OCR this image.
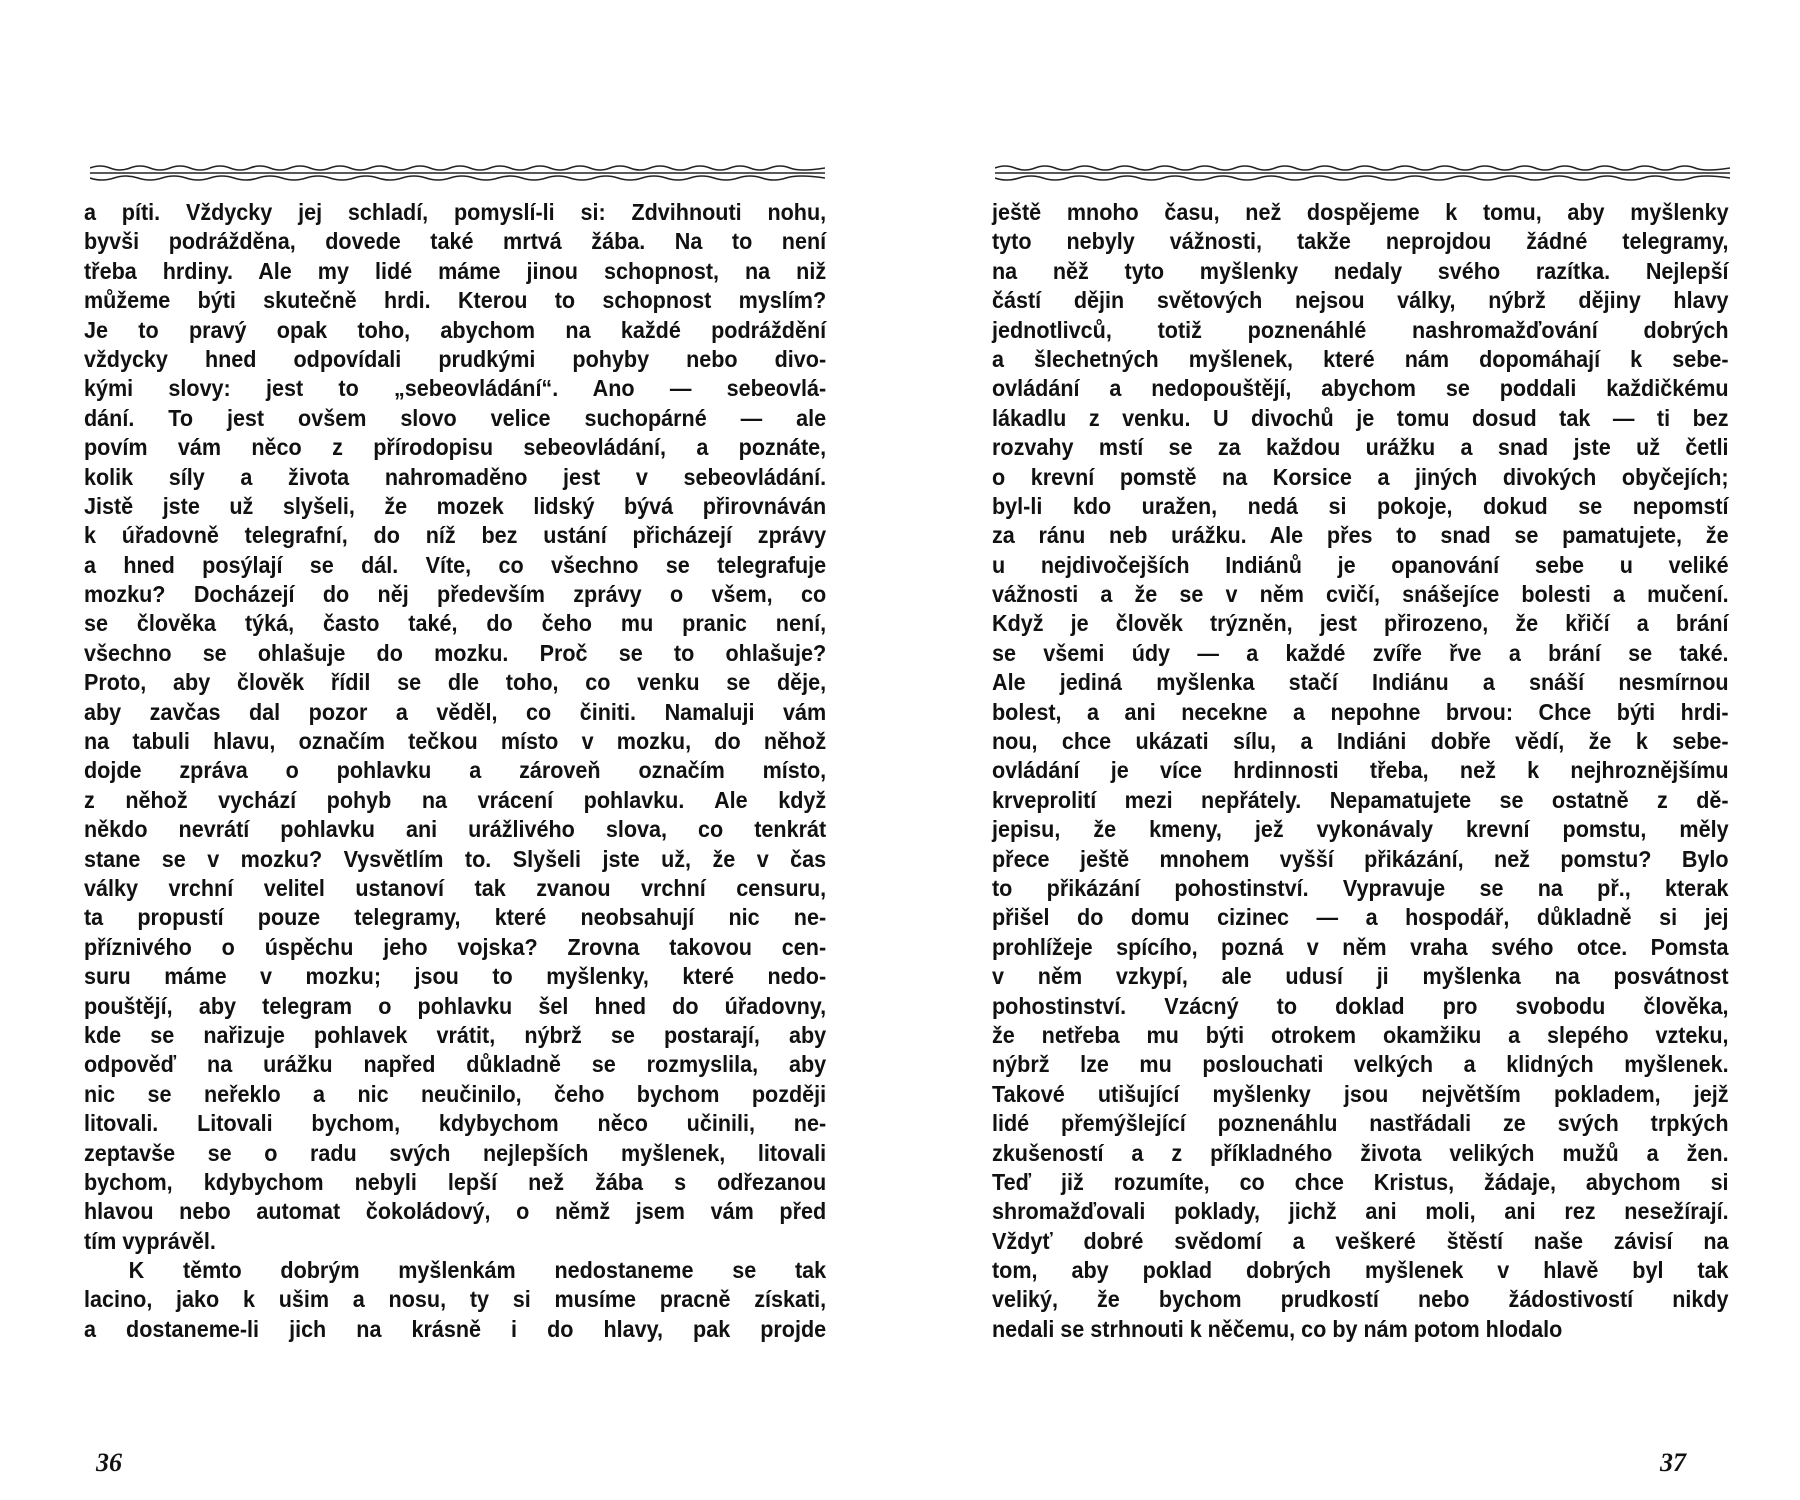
a píti. Vždycky jej schladí, pomyslí-li si: Zdvihnouti nohu,
byvši podrážděna, dovede také mrtvá žába. Na to není
třeba hrdiny. Ale my lidé máme jinou schopnost, na niž
můžeme býti skutečně hrdi. Kterou to schopnost myslím?
Je to pravý opak toho, abychom na každé podráždění
vždycky hned odpovídali prudkými pohyby nebo divo-
kými slovy: jest to „sebeovládání“. Ano — sebeovlá-
dání. To jest ovšem slovo velice suchopárné — ale
povím vám něco z přírodopisu sebeovládání, a poznáte,
kolik síly a života nahromaděno jest v sebeovládání.
Jistě jste už slyšeli, že mozek lidský bývá přirovnáván
k úřadovně telegrafní, do níž bez ustání přicházejí zprávy
a hned posýlají se dál. Víte, co všechno se telegrafuje
mozku? Docházejí do něj především zprávy o všem, co
se člověka týká, často také, do čeho mu pranic není,
všechno se ohlašuje do mozku. Proč se to ohlašuje?
Proto, aby člověk řídil se dle toho, co venku se děje,
aby zavčas dal pozor a věděl, co činiti. Namaluji vám
na tabuli hlavu, označím tečkou místo v mozku, do něhož
dojde zpráva o pohlavku a zároveň označím místo,
z něhož vychází pohyb na vrácení pohlavku. Ale když
někdo nevrátí pohlavku ani urážlivého slova, co tenkrát
stane se v mozku? Vysvětlím to. Slyšeli jste už, že v čas
války vrchní velitel ustanoví tak zvanou vrchní censuru,
ta propustí pouze telegramy, které neobsahují nic ne-
příznivého o úspěchu jeho vojska? Zrovna takovou cen-
suru máme v mozku; jsou to myšlenky, které nedo-
pouštějí, aby telegram o pohlavku šel hned do úřadovny,
kde se nařizuje pohlavek vrátit, nýbrž se postarají, aby
odpověď na urážku napřed důkladně se rozmyslila, aby
nic se neřeklo a nic neučinilo, čeho bychom později
litovali. Litovali bychom, kdybychom něco učinili, ne-
zeptavše se o radu svých nejlepších myšlenek, litovali
bychom, kdybychom nebyli lepší než žába s odřezanou
hlavou nebo automat čokoládový, o němž jsem vám před
tím vyprávěl.
K těmto dobrým myšlenkám nedostaneme se tak
lacino, jako k ušim a nosu, ty si musíme pracně získati,
a dostaneme-li jich na krásně i do hlavy, pak projde
36
ještě mnoho času, než dospějeme k tomu, aby myšlenky
tyto nebyly vážnosti, takže neprojdou žádné telegramy,
na něž tyto myšlenky nedaly svého razítka. Nejlepší
částí dějin světových nejsou války, nýbrž dějiny hlavy
jednotlivců, totiž poznenáhlé nashromažďování dobrých
a šlechetných myšlenek, které nám dopomáhají k sebe-
ovládání a nedopouštějí, abychom se poddali každičkému
lákadlu z venku. U divochů je tomu dosud tak — ti bez
rozvahy mstí se za každou urážku a snad jste už četli
o krevní pomstě na Korsice a jiných divokých obyčejích;
byl-li kdo uražen, nedá si pokoje, dokud se nepomstí
za ránu neb urážku. Ale přes to snad se pamatujete, že
u nejdivočejších Indiánů je opanování sebe u veliké
vážnosti a že se v něm cvičí, snášejíce bolesti a mučení.
Když je člověk trýzněn, jest přirozeno, že křičí a brání
se všemi údy — a každé zvíře řve a brání se také.
Ale jediná myšlenka stačí Indiánu a snáší nesmírnou
bolest, a ani necekne a nepohne brvou: Chce býti hrdi-
nou, chce ukázati sílu, a Indiáni dobře vědí, že k sebe-
ovládání je více hrdinnosti třeba, než k nejhroznějšímu
krveprolití mezi nepřátely. Nepamatujete se ostatně z dě-
jepisu, že kmeny, jež vykonávaly krevní pomstu, měly
přece ještě mnohem vyšší přikázání, než pomstu? Bylo
to přikázání pohostinství. Vypravuje se na př., kterak
přišel do domu cizinec — a hospodář, důkladně si jej
prohlížeje spícího, pozná v něm vraha svého otce. Pomsta
v něm vzkypí, ale udusí ji myšlenka na posvátnost
pohostinství. Vzácný to doklad pro svobodu člověka,
že netřeba mu býti otrokem okamžiku a slepého vzteku,
nýbrž lze mu poslouchati velkých a klidných myšlenek.
Takové utišující myšlenky jsou největším pokladem, jejž
lidé přemýšlející poznenáhlu nastřádali ze svých trpkých
zkušeností a z příkladného života velikých mužů a žen.
Teď již rozumíte, co chce Kristus, žádaje, abychom si
shromažďovali poklady, jichž ani moli, ani rez nesežírají.
Vždyť dobré svědomí a veškeré štěstí naše závisí na
tom, aby poklad dobrých myšlenek v hlavě byl tak
veliký, že bychom prudkostí nebo žádostivostí nikdy
nedali se strhnouti k něčemu, co by nám potom hlodalo
37
